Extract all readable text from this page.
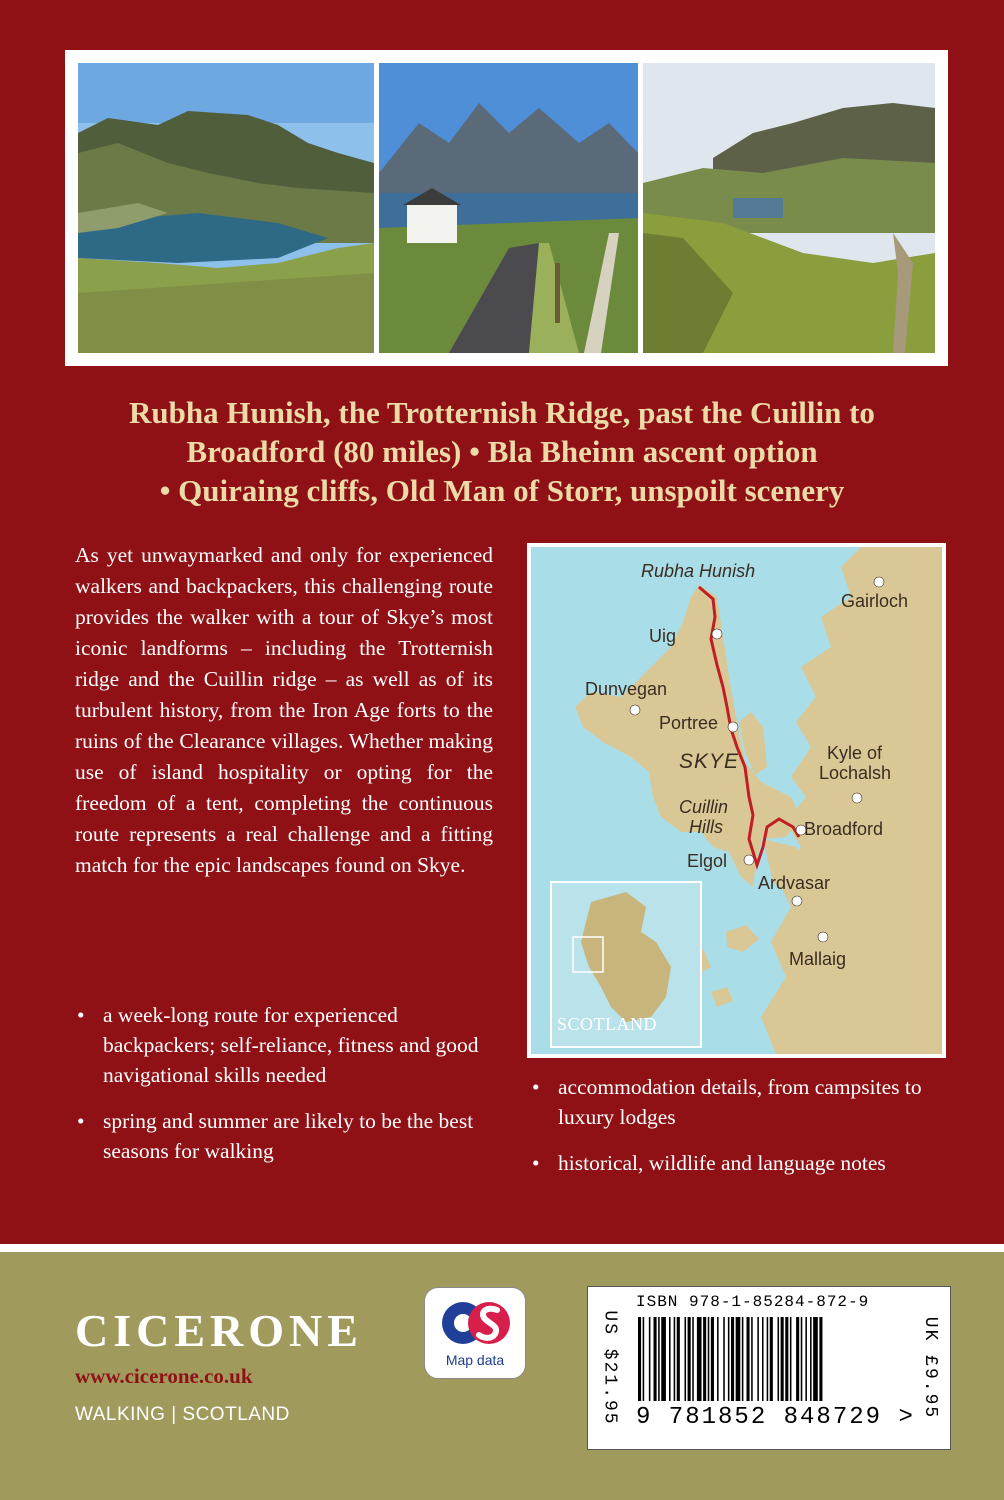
Rubha Hunish, the Trotternish Ridge, past the Cuillin to
Broadford (80 miles) • Bla Bheinn ascent option
• Quiraing cliffs, Old Man of Storr, unspoilt scenery

As yet unwaymarked and only for experienced walkers and backpackers, this challenging route provides the walker with a tour of Skye’s most iconic landforms – including the Trotternish ridge and the Cuillin ridge – as well as of its turbulent history, from the Iron Age forts to the ruins of the Clearance villages. Whether making use of island hospitality or opting for the freedom of a tent, completing the continuous route represents a real challenge and a fitting match for the epic landscapes found on Skye.

• a week-long route for experienced backpackers; self-reliance, fitness and good navigational skills needed
• spring and summer are likely to be the best seasons for walking
• accommodation details, from campsites to luxury lodges
• historical, wildlife and language notes
Rubha Hunish
Gairloch
Uig
Dunvegan
Portree
SKYE	Kyle of
Lochalsh
Cuillin
Hills	Broadford
Elgol
Ardvasar
Mallaig
SCOTLAND
CICERONE
www.cicerone.co.uk
WALKING | SCOTLAND
Map data	US $21.95
ISBN 978-1-85284-872-9
9 781852 848729 > UK £9.95
